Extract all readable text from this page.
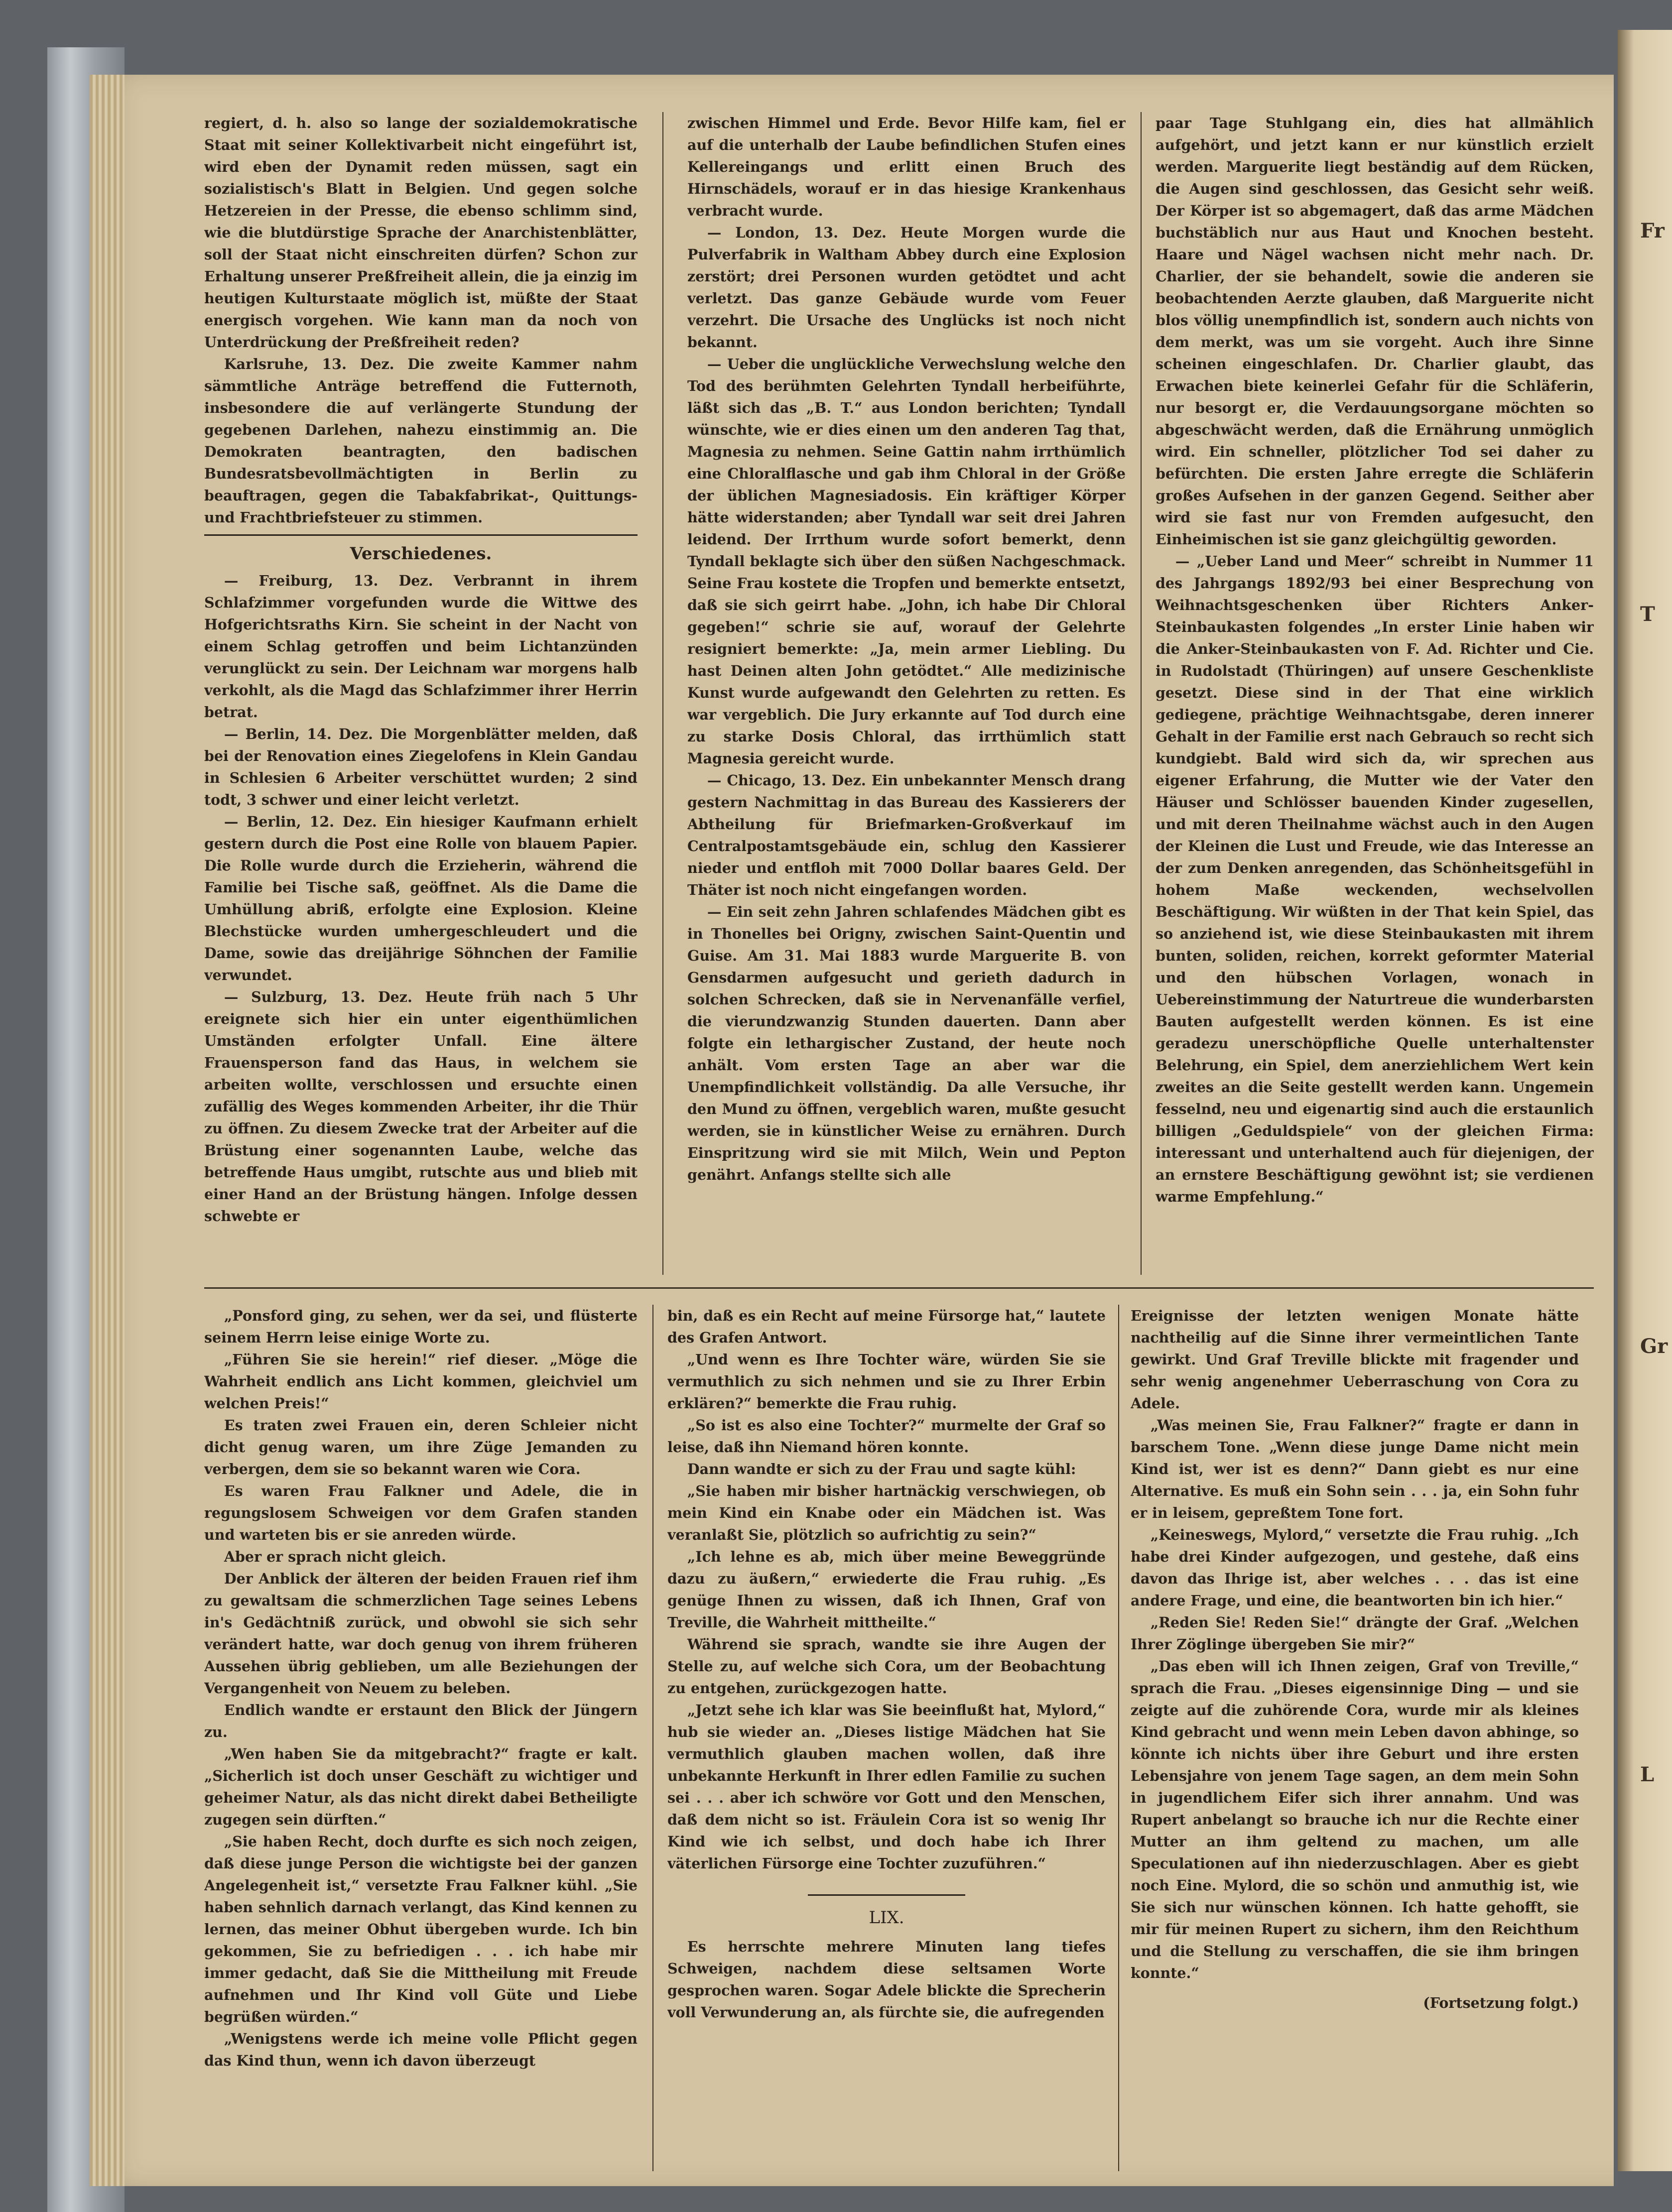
Fr
T
Gr
L

regiert, d. h. also so lange der sozialdemokratische Staat mit seiner Kollektivarbeit nicht eingeführt ist, wird eben der Dynamit reden müssen, sagt ein sozialistisch's Blatt in Belgien. Und gegen solche Hetzereien in der Presse, die ebenso schlimm sind, wie die blutdürstige Sprache der Anarchistenblätter, soll der Staat nicht einschreiten dürfen? Schon zur Erhaltung unserer Preßfreiheit allein, die ja einzig im heutigen Kulturstaate möglich ist, müßte der Staat energisch vorgehen. Wie kann man da noch von Unterdrückung der Preßfreiheit reden?

Karlsruhe, 13. Dez. Die zweite Kammer nahm sämmtliche Anträge betreffend die Futternoth, insbesondere die auf verlängerte Stundung der gegebenen Darlehen, nahezu einstimmig an. Die Demokraten beantragten, den badischen Bundesratsbevollmächtigten in Berlin zu beauftragen, gegen die Tabakfabrikat-, Quittungs- und Frachtbriefsteuer zu stimmen.

Verschiedenes.

— Freiburg, 13. Dez. Verbrannt in ihrem Schlafzimmer vorgefunden wurde die Wittwe des Hofgerichtsraths Kirn. Sie scheint in der Nacht von einem Schlag getroffen und beim Lichtanzünden verunglückt zu sein. Der Leichnam war morgens halb verkohlt, als die Magd das Schlafzimmer ihrer Herrin betrat.

— Berlin, 14. Dez. Die Morgenblätter melden, daß bei der Renovation eines Ziegelofens in Klein Gandau in Schlesien 6 Arbeiter verschüttet wurden; 2 sind todt, 3 schwer und einer leicht verletzt.

— Berlin, 12. Dez. Ein hiesiger Kaufmann erhielt gestern durch die Post eine Rolle von blauem Papier. Die Rolle wurde durch die Erzieherin, während die Familie bei Tische saß, geöffnet. Als die Dame die Umhüllung abriß, erfolgte eine Explosion. Kleine Blechstücke wurden umhergeschleudert und die Dame, sowie das dreijährige Söhnchen der Familie verwundet.

— Sulzburg, 13. Dez. Heute früh nach 5 Uhr ereignete sich hier ein unter eigenthümlichen Umständen erfolgter Unfall. Eine ältere Frauensperson fand das Haus, in welchem sie arbeiten wollte, verschlossen und ersuchte einen zufällig des Weges kommenden Arbeiter, ihr die Thür zu öffnen. Zu diesem Zwecke trat der Arbeiter auf die Brüstung einer sogenannten Laube, welche das betreffende Haus umgibt, rutschte aus und blieb mit einer Hand an der Brüstung hängen. Infolge dessen schwebte er

zwischen Himmel und Erde. Bevor Hilfe kam, fiel er auf die unterhalb der Laube befindlichen Stufen eines Kellereingangs und erlitt einen Bruch des Hirnschädels, worauf er in das hiesige Krankenhaus verbracht wurde.

— London, 13. Dez. Heute Morgen wurde die Pulverfabrik in Waltham Abbey durch eine Explosion zerstört; drei Personen wurden getödtet und acht verletzt. Das ganze Gebäude wurde vom Feuer verzehrt. Die Ursache des Unglücks ist noch nicht bekannt.

— Ueber die unglückliche Verwechslung welche den Tod des berühmten Gelehrten Tyndall herbeiführte, läßt sich das „B. T.“ aus London berichten; Tyndall wünschte, wie er dies einen um den anderen Tag that, Magnesia zu nehmen. Seine Gattin nahm irrthümlich eine Chloralflasche und gab ihm Chloral in der Größe der üblichen Magnesiadosis. Ein kräftiger Körper hätte widerstanden; aber Tyndall war seit drei Jahren leidend. Der Irrthum wurde sofort bemerkt, denn Tyndall beklagte sich über den süßen Nachgeschmack. Seine Frau kostete die Tropfen und bemerkte entsetzt, daß sie sich geirrt habe. „John, ich habe Dir Chloral gegeben!“ schrie sie auf, worauf der Gelehrte resigniert bemerkte: „Ja, mein armer Liebling. Du hast Deinen alten John getödtet.“ Alle medizinische Kunst wurde aufgewandt den Gelehrten zu retten. Es war vergeblich. Die Jury erkannte auf Tod durch eine zu starke Dosis Chloral, das irrthümlich statt Magnesia gereicht wurde.

— Chicago, 13. Dez. Ein unbekannter Mensch drang gestern Nachmittag in das Bureau des Kassierers der Abtheilung für Briefmarken-Großverkauf im Centralpostamtsgebäude ein, schlug den Kassierer nieder und entfloh mit 7000 Dollar baares Geld. Der Thäter ist noch nicht eingefangen worden.

— Ein seit zehn Jahren schlafendes Mädchen gibt es in Thonelles bei Origny, zwischen Saint-Quentin und Guise. Am 31. Mai 1883 wurde Marguerite B. von Gensdarmen aufgesucht und gerieth dadurch in solchen Schrecken, daß sie in Nervenanfälle verfiel, die vierundzwanzig Stunden dauerten. Dann aber folgte ein lethargischer Zustand, der heute noch anhält. Vom ersten Tage an aber war die Unempfindlichkeit vollständig. Da alle Versuche, ihr den Mund zu öffnen, vergeblich waren, mußte gesucht werden, sie in künstlicher Weise zu ernähren. Durch Einspritzung wird sie mit Milch, Wein und Pepton genährt. Anfangs stellte sich alle

paar Tage Stuhlgang ein, dies hat allmählich aufgehört, und jetzt kann er nur künstlich erzielt werden. Marguerite liegt beständig auf dem Rücken, die Augen sind geschlossen, das Gesicht sehr weiß. Der Körper ist so abgemagert, daß das arme Mädchen buchstäblich nur aus Haut und Knochen besteht. Haare und Nägel wachsen nicht mehr nach. Dr. Charlier, der sie behandelt, sowie die anderen sie beobachtenden Aerzte glauben, daß Marguerite nicht blos völlig unempfindlich ist, sondern auch nichts von dem merkt, was um sie vorgeht. Auch ihre Sinne scheinen eingeschlafen. Dr. Charlier glaubt, das Erwachen biete keinerlei Gefahr für die Schläferin, nur besorgt er, die Verdauungsorgane möchten so abgeschwächt werden, daß die Ernährung unmöglich wird. Ein schneller, plötzlicher Tod sei daher zu befürchten. Die ersten Jahre erregte die Schläferin großes Aufsehen in der ganzen Gegend. Seither aber wird sie fast nur von Fremden aufgesucht, den Einheimischen ist sie ganz gleichgültig geworden.

— „Ueber Land und Meer“ schreibt in Nummer 11 des Jahrgangs 1892/93 bei einer Besprechung von Weihnachtsgeschenken über Richters Anker-Steinbaukasten folgendes „In erster Linie haben wir die Anker-Steinbaukasten von F. Ad. Richter und Cie. in Rudolstadt (Thüringen) auf unsere Geschenkliste gesetzt. Diese sind in der That eine wirklich gediegene, prächtige Weihnachtsgabe, deren innerer Gehalt in der Familie erst nach Gebrauch so recht sich kundgiebt. Bald wird sich da, wir sprechen aus eigener Erfahrung, die Mutter wie der Vater den Häuser und Schlösser bauenden Kinder zugesellen, und mit deren Theilnahme wächst auch in den Augen der Kleinen die Lust und Freude, wie das Interesse an der zum Denken anregenden, das Schönheitsgefühl in hohem Maße weckenden, wechselvollen Beschäftigung. Wir wüßten in der That kein Spiel, das so anziehend ist, wie diese Steinbaukasten mit ihrem bunten, soliden, reichen, korrekt geformter Material und den hübschen Vorlagen, wonach in Uebereinstimmung der Naturtreue die wunderbarsten Bauten aufgestellt werden können. Es ist eine geradezu unerschöpfliche Quelle unterhaltenster Belehrung, ein Spiel, dem anerziehlichem Wert kein zweites an die Seite gestellt werden kann. Ungemein fesselnd, neu und eigenartig sind auch die erstaunlich billigen „Geduldspiele“ von der gleichen Firma: interessant und unterhaltend auch für diejenigen, der an ernstere Beschäftigung gewöhnt ist; sie verdienen warme Empfehlung.“

„Ponsford ging, zu sehen, wer da sei, und flüsterte seinem Herrn leise einige Worte zu.

„Führen Sie sie herein!“ rief dieser. „Möge die Wahrheit endlich ans Licht kommen, gleichviel um welchen Preis!“

Es traten zwei Frauen ein, deren Schleier nicht dicht genug waren, um ihre Züge Jemanden zu verbergen, dem sie so bekannt waren wie Cora.

Es waren Frau Falkner und Adele, die in regungslosem Schweigen vor dem Grafen standen und warteten bis er sie anreden würde.

Aber er sprach nicht gleich.

Der Anblick der älteren der beiden Frauen rief ihm zu gewaltsam die schmerzlichen Tage seines Lebens in's Gedächtniß zurück, und obwohl sie sich sehr verändert hatte, war doch genug von ihrem früheren Aussehen übrig geblieben, um alle Beziehungen der Vergangenheit von Neuem zu beleben.

Endlich wandte er erstaunt den Blick der Jüngern zu.

„Wen haben Sie da mitgebracht?“ fragte er kalt. „Sicherlich ist doch unser Geschäft zu wichtiger und geheimer Natur, als das nicht direkt dabei Betheiligte zugegen sein dürften.“

„Sie haben Recht, doch durfte es sich noch zeigen, daß diese junge Person die wichtigste bei der ganzen Angelegenheit ist,“ versetzte Frau Falkner kühl. „Sie haben sehnlich darnach verlangt, das Kind kennen zu lernen, das meiner Obhut übergeben wurde. Ich bin gekommen, Sie zu befriedigen . . . ich habe mir immer gedacht, daß Sie die Mittheilung mit Freude aufnehmen und Ihr Kind voll Güte und Liebe begrüßen würden.“

„Wenigstens werde ich meine volle Pflicht gegen das Kind thun, wenn ich davon überzeugt

bin, daß es ein Recht auf meine Fürsorge hat,“ lautete des Grafen Antwort.

„Und wenn es Ihre Tochter wäre, würden Sie sie vermuthlich zu sich nehmen und sie zu Ihrer Erbin erklären?“ bemerkte die Frau ruhig.

„So ist es also eine Tochter?“ murmelte der Graf so leise, daß ihn Niemand hören konnte.

Dann wandte er sich zu der Frau und sagte kühl:

„Sie haben mir bisher hartnäckig verschwiegen, ob mein Kind ein Knabe oder ein Mädchen ist. Was veranlaßt Sie, plötzlich so aufrichtig zu sein?“

„Ich lehne es ab, mich über meine Beweggründe dazu zu äußern,“ erwiederte die Frau ruhig. „Es genüge Ihnen zu wissen, daß ich Ihnen, Graf von Treville, die Wahrheit mittheilte.“

Während sie sprach, wandte sie ihre Augen der Stelle zu, auf welche sich Cora, um der Beobachtung zu entgehen, zurückgezogen hatte.

„Jetzt sehe ich klar was Sie beeinflußt hat, Mylord,“ hub sie wieder an. „Dieses listige Mädchen hat Sie vermuthlich glauben machen wollen, daß ihre unbekannte Herkunft in Ihrer edlen Familie zu suchen sei . . . aber ich schwöre vor Gott und den Menschen, daß dem nicht so ist. Fräulein Cora ist so wenig Ihr Kind wie ich selbst, und doch habe ich Ihrer väterlichen Fürsorge eine Tochter zuzuführen.“

LIX.

Es herrschte mehrere Minuten lang tiefes Schweigen, nachdem diese seltsamen Worte gesprochen waren. Sogar Adele blickte die Sprecherin voll Verwunderung an, als fürchte sie, die aufregenden

Ereignisse der letzten wenigen Monate hätte nachtheilig auf die Sinne ihrer vermeintlichen Tante gewirkt. Und Graf Treville blickte mit fragender und sehr wenig angenehmer Ueberraschung von Cora zu Adele.

„Was meinen Sie, Frau Falkner?“ fragte er dann in barschem Tone. „Wenn diese junge Dame nicht mein Kind ist, wer ist es denn?“ Dann giebt es nur eine Alternative. Es muß ein Sohn sein . . . ja, ein Sohn fuhr er in leisem, gepreßtem Tone fort.

„Keineswegs, Mylord,“ versetzte die Frau ruhig. „Ich habe drei Kinder aufgezogen, und gestehe, daß eins davon das Ihrige ist, aber welches . . . das ist eine andere Frage, und eine, die beantworten bin ich hier.“

„Reden Sie! Reden Sie!“ drängte der Graf. „Welchen Ihrer Zöglinge übergeben Sie mir?“

„Das eben will ich Ihnen zeigen, Graf von Treville,“ sprach die Frau. „Dieses eigensinnige Ding — und sie zeigte auf die zuhörende Cora, wurde mir als kleines Kind gebracht und wenn mein Leben davon abhinge, so könnte ich nichts über ihre Geburt und ihre ersten Lebensjahre von jenem Tage sagen, an dem mein Sohn in jugendlichem Eifer sich ihrer annahm. Und was Rupert anbelangt so brauche ich nur die Rechte einer Mutter an ihm geltend zu machen, um alle Speculationen auf ihn niederzuschlagen. Aber es giebt noch Eine. Mylord, die so schön und anmuthig ist, wie Sie sich nur wünschen können. Ich hatte gehofft, sie mir für meinen Rupert zu sichern, ihm den Reichthum und die Stellung zu verschaffen, die sie ihm bringen konnte.“

(Fortsetzung folgt.)
